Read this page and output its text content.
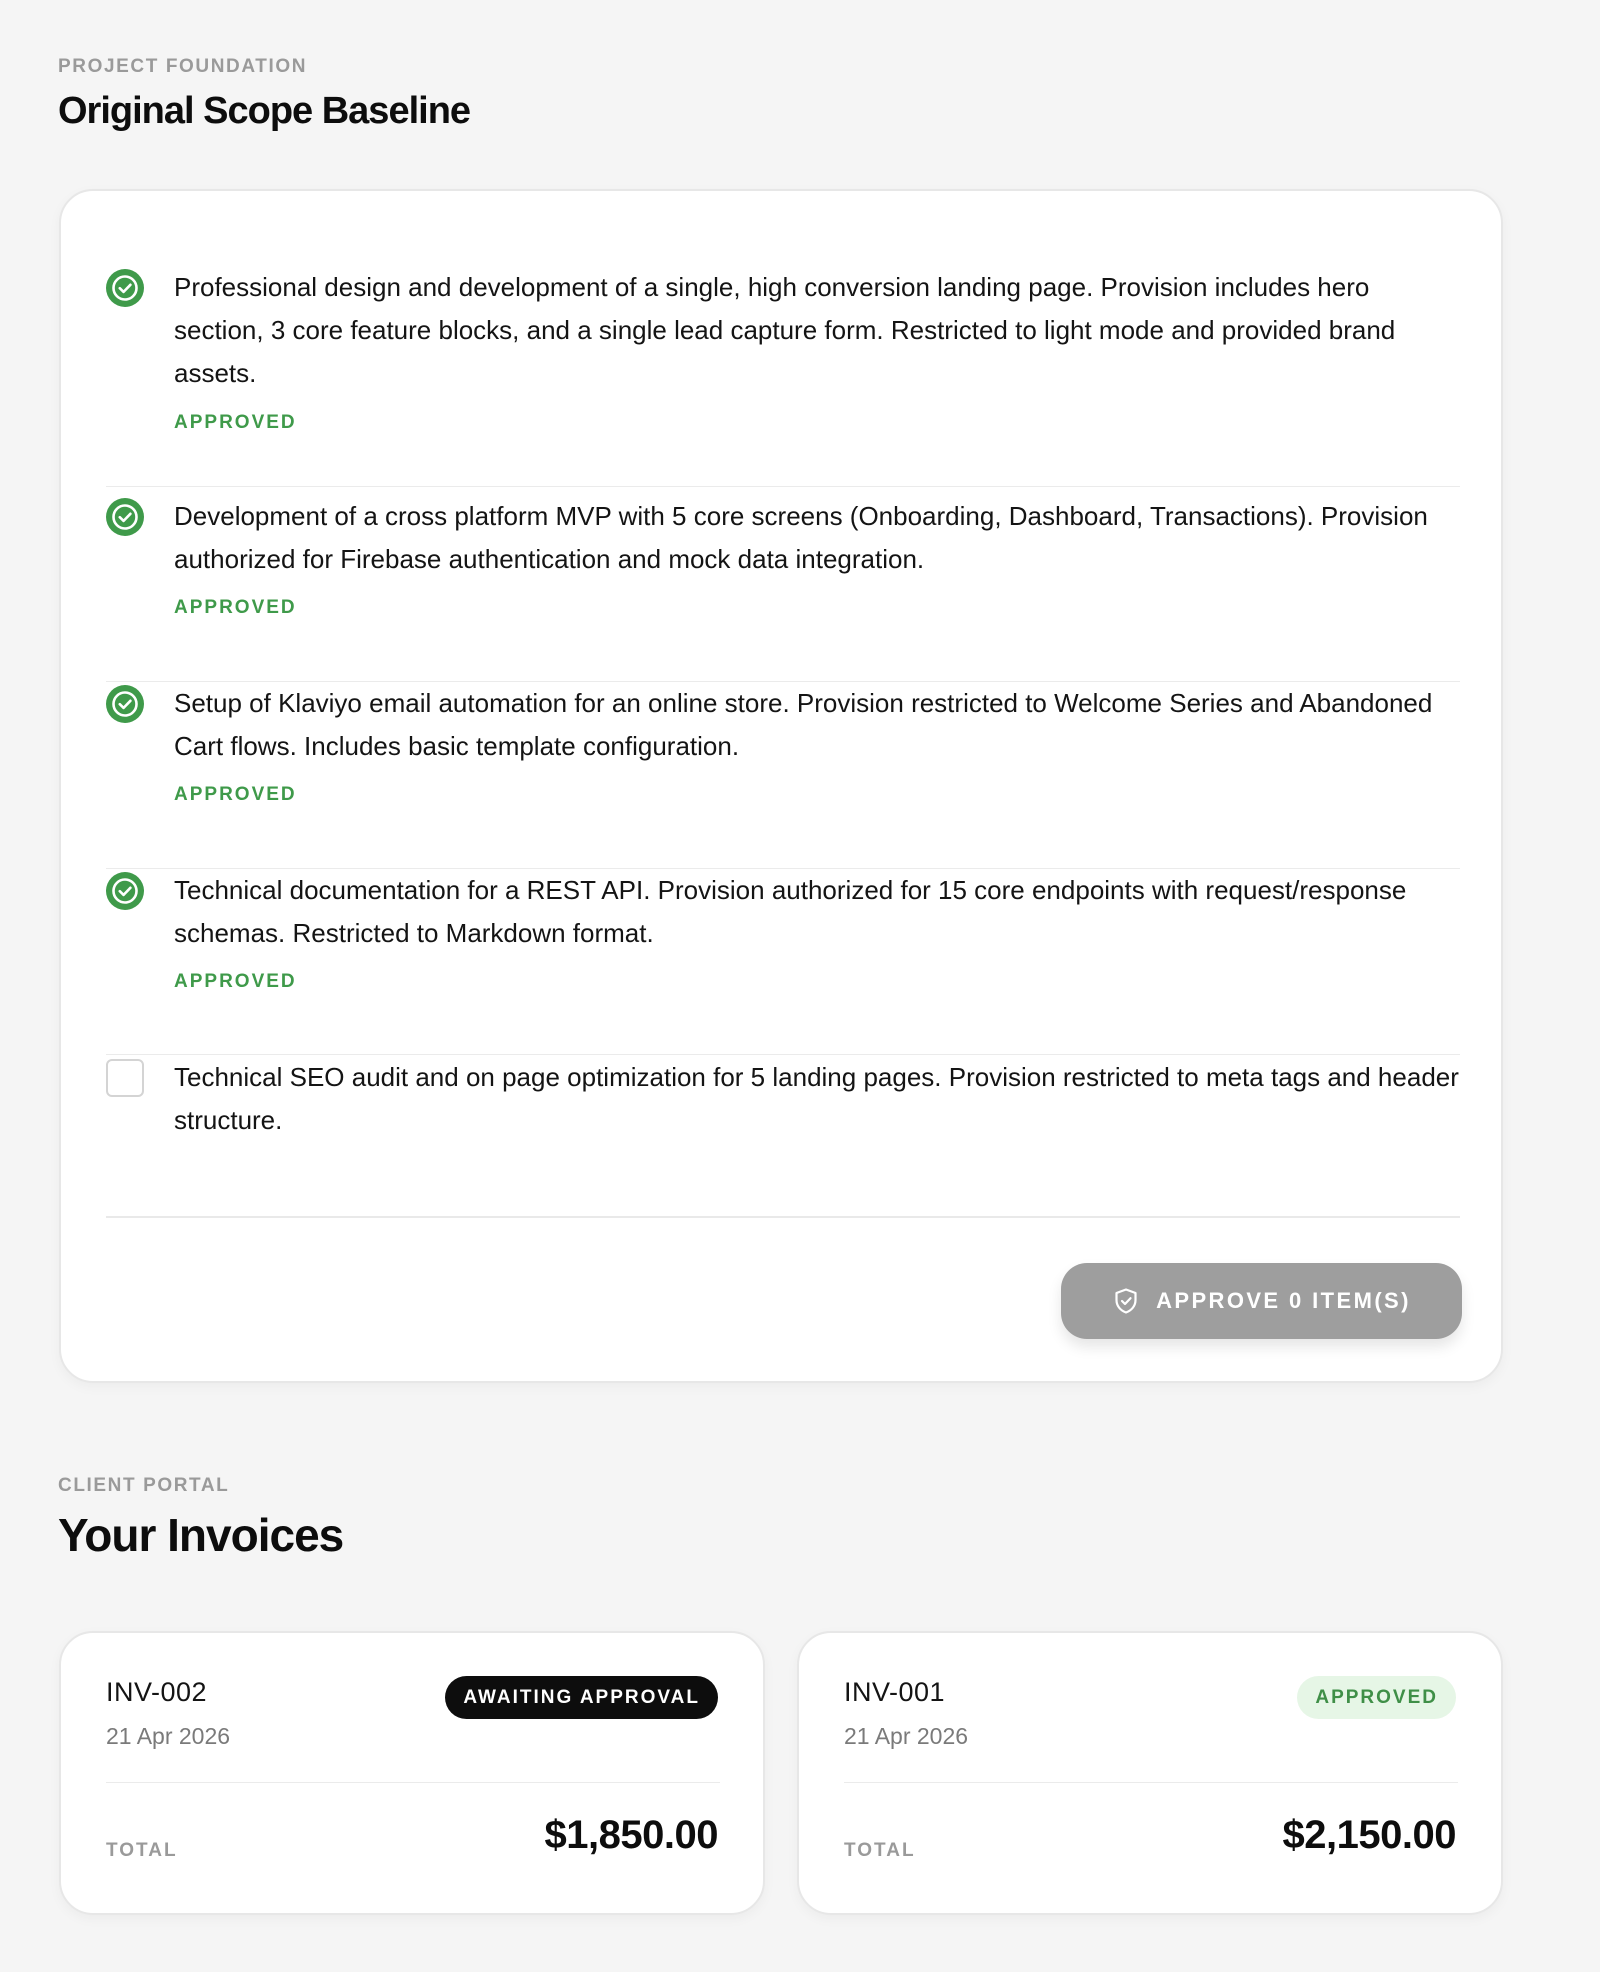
PROJECT FOUNDATION
Original Scope Baseline

Professional design and development of a single, high conversion landing page. Provision includes hero section, 3 core feature blocks, and a single lead capture form. Restricted to light mode and provided brand assets.

APPROVED

Development of a cross platform MVP with 5 core screens (Onboarding, Dashboard, Transactions). Provision authorized for Firebase authentication and mock data integration.

APPROVED

Setup of Klaviyo email automation for an online store. Provision restricted to Welcome Series and Abandoned Cart flows. Includes basic template configuration.

APPROVED

Technical documentation for a REST API. Provision authorized for 15 core endpoints with request/response schemas. Restricted to Markdown format.

APPROVED

Technical SEO audit and on page optimization for 5 landing pages. Provision restricted to meta tags and header structure.

APPROVE 0 ITEM(S)
CLIENT PORTAL
Your Invoices
INV-002
21 Apr 2026
AWAITING APPROVAL
TOTAL	$1,850.00
INV-001
21 Apr 2026
APPROVED
TOTAL	$2,150.00
